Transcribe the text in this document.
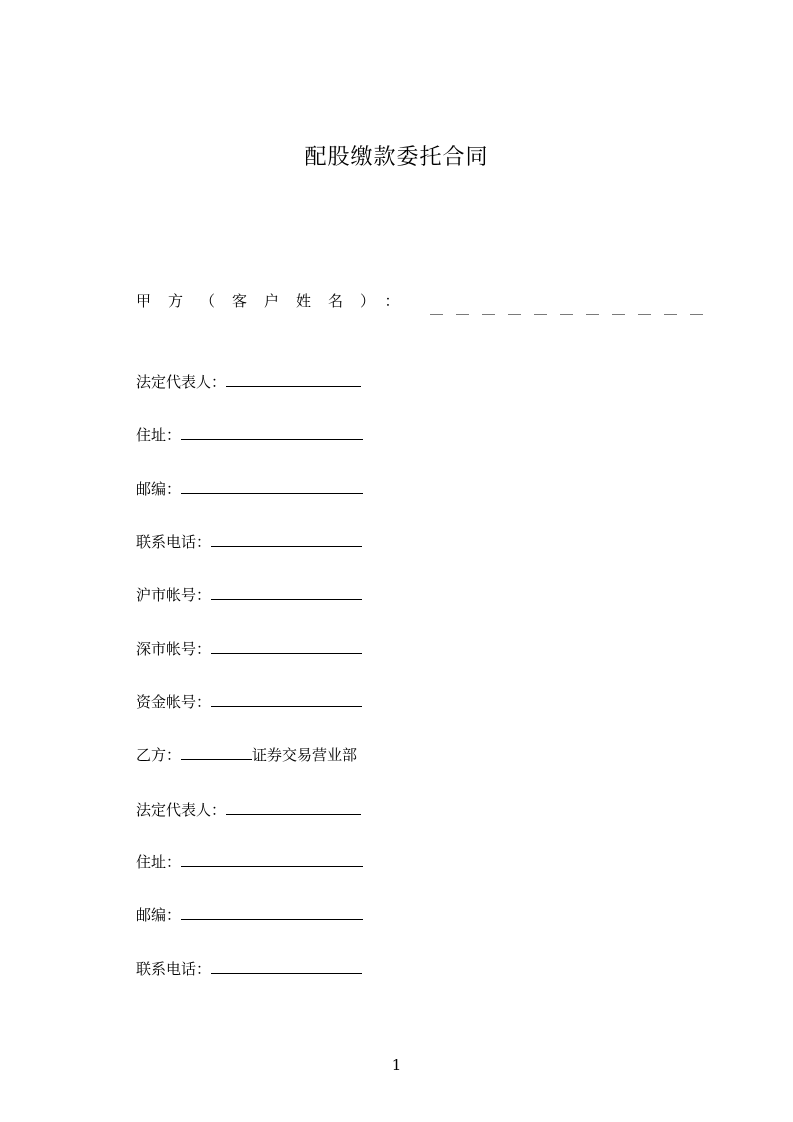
配股缴款委托合同
甲方（客户姓名）： ＿＿＿＿＿＿＿＿＿＿＿
法定代表人：
住址：
邮编：
联系电话：
沪市帐号：
深市帐号：
资金帐号：
乙方：	证券交易营业部
法定代表人：
住址：
邮编：
联系电话：
1
